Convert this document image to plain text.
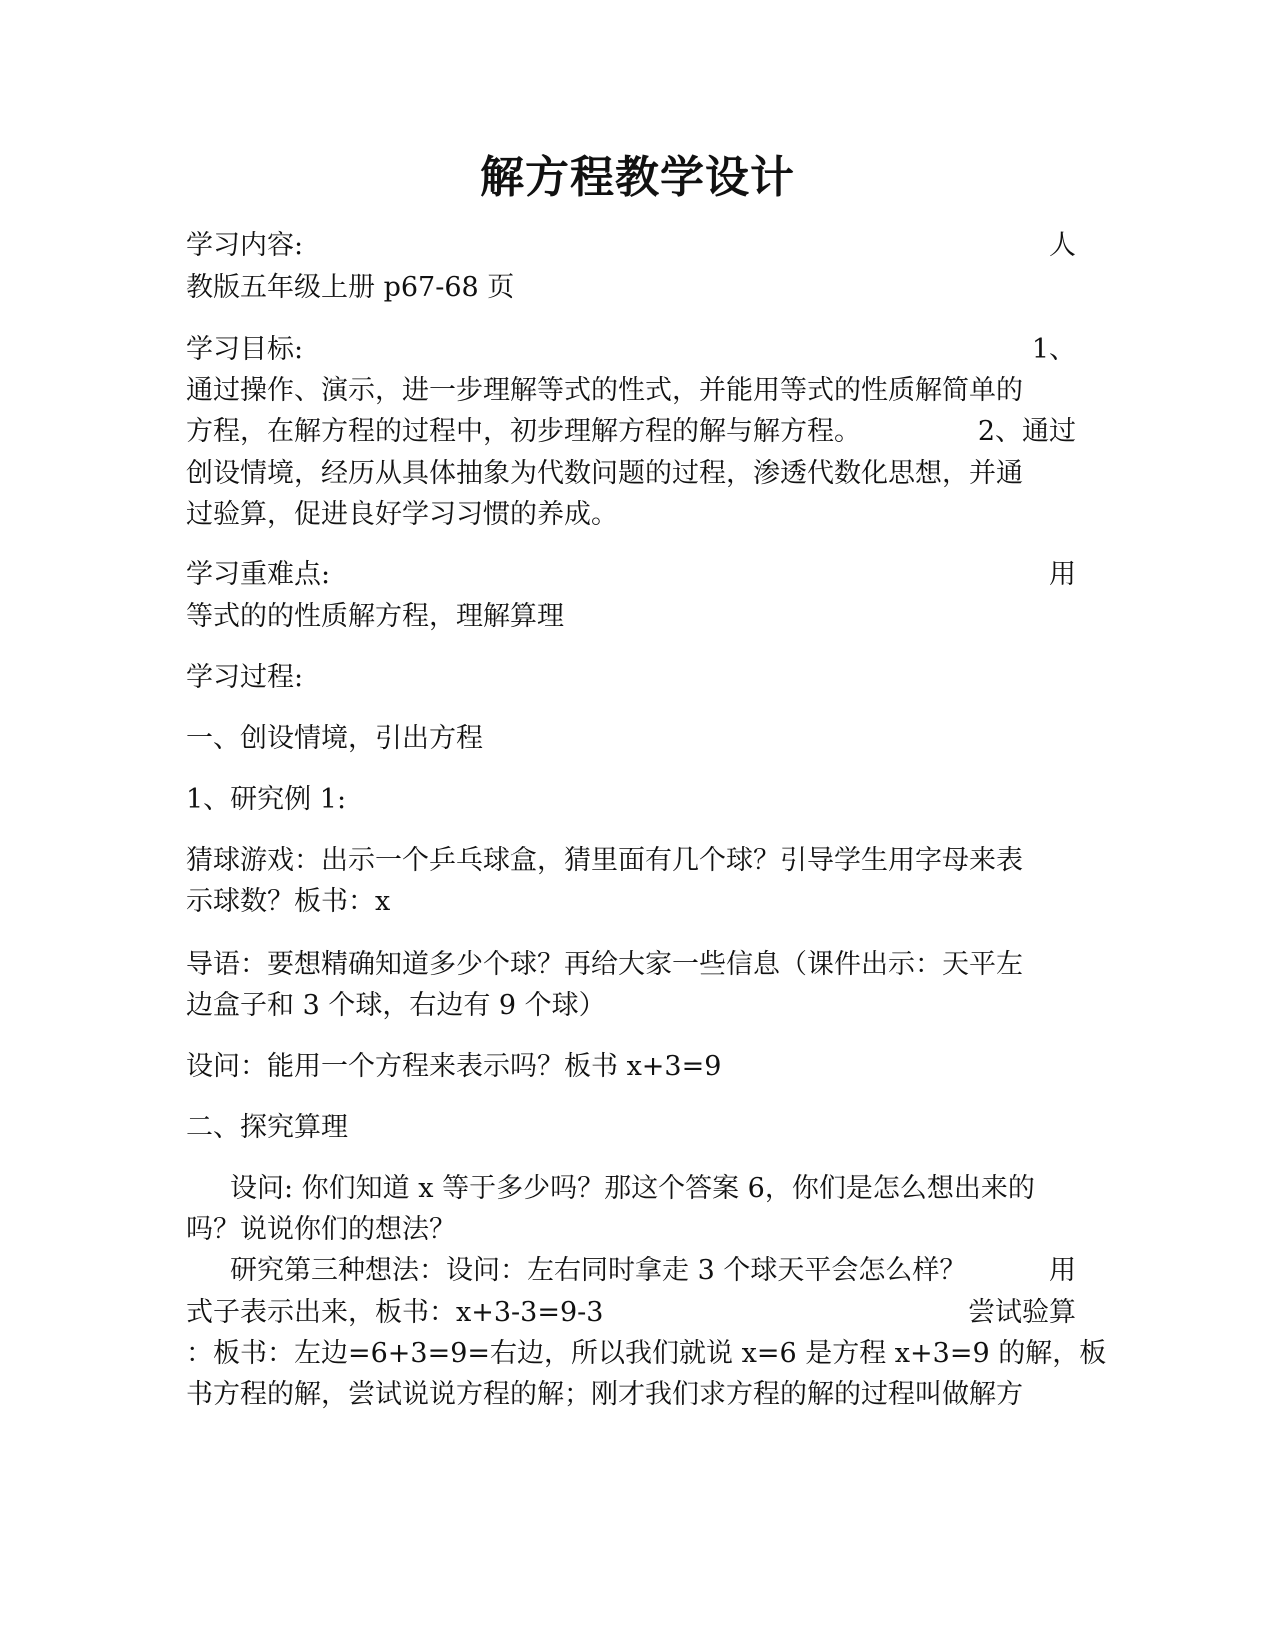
解方程教学设计
学习内容:	人
教版五年级上册 p67-68 页
学习目标:	1、
通过操作、演示，进一步理解等式的性式，并能用等式的性质解简单的
方程，在解方程的过程中，初步理解方程的解与解方程。	2、通过
创设情境，经历从具体抽象为代数问题的过程，渗透代数化思想，并通
过验算，促进良好学习习惯的养成。
学习重难点:	用
等式的的性质解方程，理解算理
学习过程:
一、创设情境，引出方程
1、研究例 1:
猜球游戏：出示一个乒乓球盒，猜里面有几个球？引导学生用字母来表
示球数？板书：x
导语：要想精确知道多少个球？再给大家一些信息（课件出示：天平左
边盒子和 3 个球，右边有 9 个球）
设问：能用一个方程来表示吗？板书 x+3=9
二、探究算理
设问: 你们知道 x 等于多少吗？那这个答案 6，你们是怎么想出来的
吗？说说你们的想法？
研究第三种想法：设问：左右同时拿走 3 个球天平会怎么样？	用
式子表示出来，板书：x+3-3=9-3	尝试验算
：板书：左边=6+3=9=右边，所以我们就说 x=6 是方程 x+3=9 的解，板
书方程的解，尝试说说方程的解；刚才我们求方程的解的过程叫做解方
